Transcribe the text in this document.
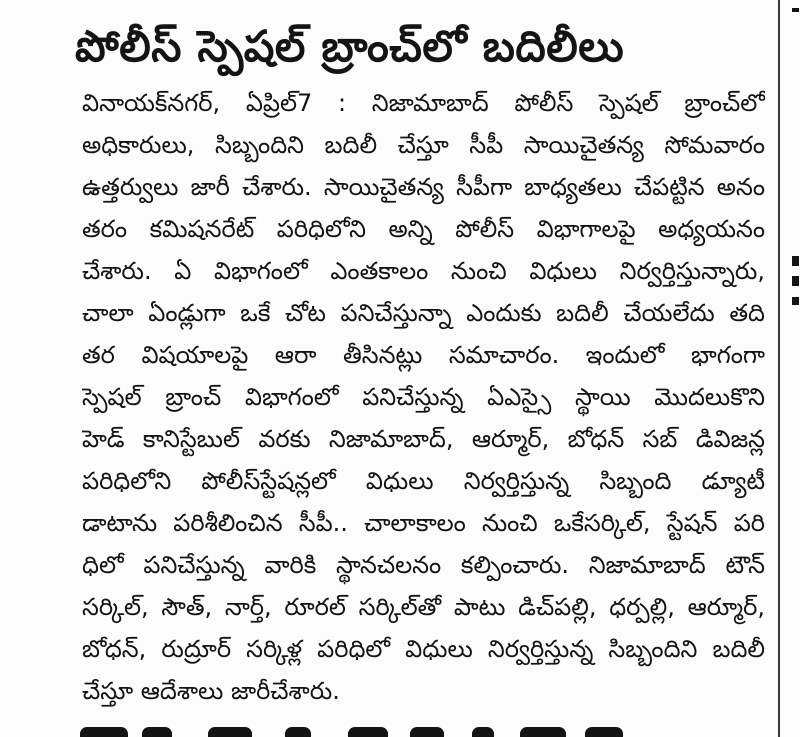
పోలీస్ స్పెషల్ బ్రాంచ్‌లో బదిలీలు
వినాయక్‌నగర్, ఏప్రిల్7 : నిజామాబాద్ పోలీస్ స్పెషల్ బ్రాంచ్‌లో
అధికారులు, సిబ్బందిని బదిలీ చేస్తూ సీపీ సాయిచైతన్య సోమవారం
ఉత్తర్వులు జారీ చేశారు. సాయిచైతన్య సీపీగా బాధ్యతలు చేపట్టిన అనం
తరం కమిషనరేట్ పరిధిలోని అన్ని పోలీస్ విభాగాలపై అధ్యయనం
చేశారు. ఏ విభాగంలో ఎంతకాలం నుంచి విధులు నిర్వర్తిస్తున్నారు,
చాలా ఏండ్లుగా ఒకే చోట పనిచేస్తున్నా ఎందుకు బదిలీ చేయలేదు తది
తర విషయాలపై ఆరా తీసినట్లు సమాచారం. ఇందులో భాగంగా
స్పెషల్ బ్రాంచ్ విభాగంలో పనిచేస్తున్న ఏఎస్సై స్థాయి మొదలుకొని
హెడ్ కానిస్టేబుల్ వరకు నిజామాబాద్, ఆర్మూర్, బోధన్ సబ్ డివిజన్ల
పరిధిలోని పోలీస్‌స్టేషన్లలో విధులు నిర్వర్తిస్తున్న సిబ్బంది డ్యూటీ
డాటాను పరిశీలించిన సీపీ.. చాలాకాలం నుంచి ఒకేసర్కిల్, స్టేషన్ పరి
ధిలో పనిచేస్తున్న వారికి స్థానచలనం కల్పించారు. నిజామాబాద్ టౌన్
సర్కిల్, సౌత్, నార్త్, రూరల్ సర్కిల్‌తో పాటు డిచ్‌పల్లి, ధర్పల్లి, ఆర్మూర్,
బోధన్, రుద్రూర్ సర్కిళ్ల పరిధిలో విధులు నిర్వర్తిస్తున్న సిబ్బందిని బదిలీ
చేస్తూ ఆదేశాలు జారీచేశారు.
